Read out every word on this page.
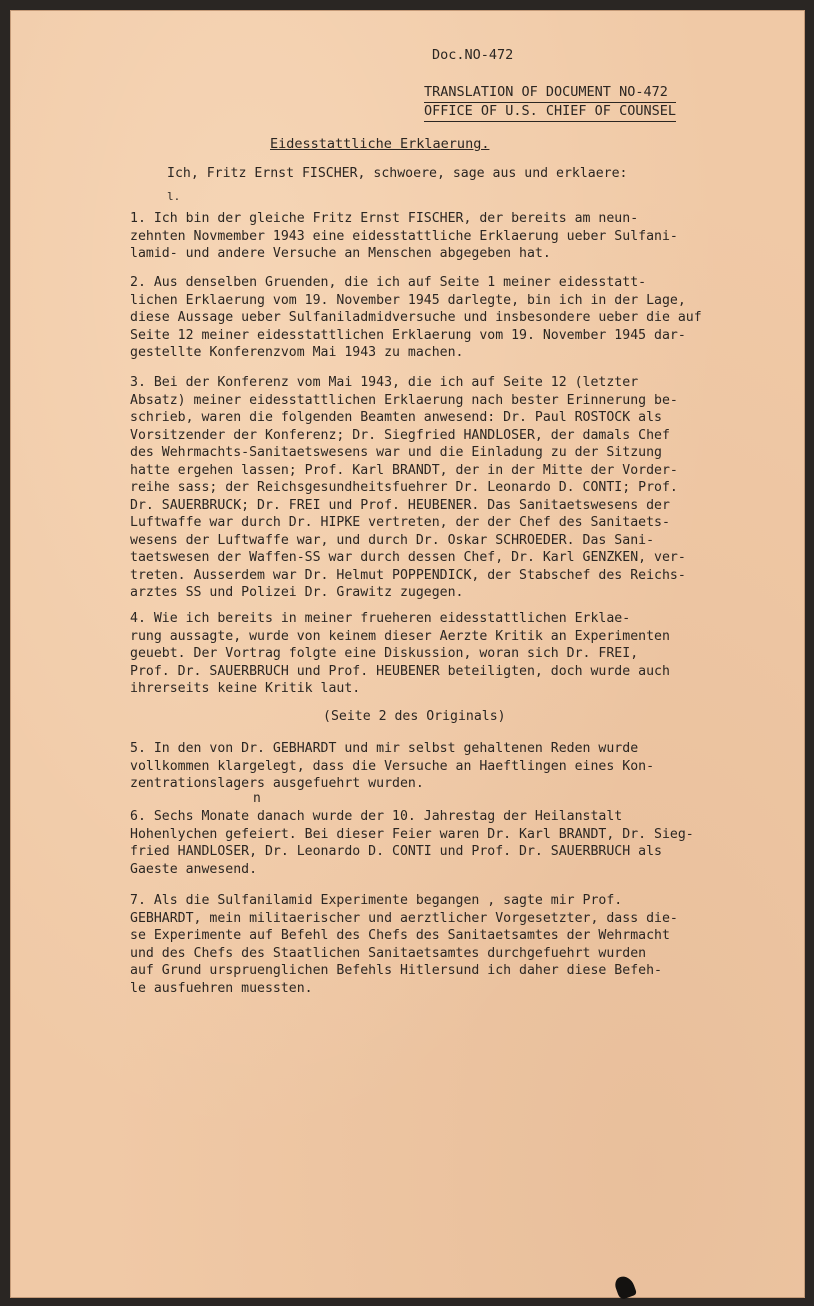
Doc.NO-472
TRANSLATION OF DOCUMENT NO-472
OFFICE OF U.S. CHIEF OF COUNSEL
Eidesstattliche Erklaerung.
Ich, Fritz Ernst FISCHER, schwoere, sage aus und erklaere:
l.
1. Ich bin der gleiche Fritz Ernst FISCHER, der bereits am neun-
zehnten Novmember 1943 eine eidesstattliche Erklaerung ueber Sulfani-
lamid- und andere Versuche an Menschen abgegeben hat.
2. Aus denselben Gruenden, die ich auf Seite 1 meiner eidesstatt-
lichen Erklaerung vom 19. November 1945 darlegte, bin ich in der Lage,
diese Aussage ueber Sulfaniladmidversuche und insbesondere ueber die auf
Seite 12 meiner eidesstattlichen Erklaerung vom 19. November 1945 dar-
gestellte Konferenzvom Mai 1943 zu machen.
3. Bei der Konferenz vom Mai 1943, die ich auf Seite 12 (letzter
Absatz) meiner eidesstattlichen Erklaerung nach bester Erinnerung be-
schrieb, waren die folgenden Beamten anwesend: Dr. Paul ROSTOCK als
Vorsitzender der Konferenz; Dr. Siegfried HANDLOSER, der damals Chef
des Wehrmachts-Sanitaetswesens war und die Einladung zu der Sitzung
hatte ergehen lassen; Prof. Karl BRANDT, der in der Mitte der Vorder-
reihe sass; der Reichsgesundheitsfuehrer Dr. Leonardo D. CONTI; Prof.
Dr. SAUERBRUCK; Dr. FREI und Prof. HEUBENER. Das Sanitaetswesens der
Luftwaffe war durch Dr. HIPKE vertreten, der der Chef des Sanitaets-
wesens der Luftwaffe war, und durch Dr. Oskar SCHROEDER. Das Sani-
taetswesen der Waffen-SS war durch dessen Chef, Dr. Karl GENZKEN, ver-
treten. Ausserdem war Dr. Helmut POPPENDICK, der Stabschef des Reichs-
arztes SS und Polizei Dr. Grawitz zugegen.
4. Wie ich bereits in meiner frueheren eidesstattlichen Erklae-
rung aussagte, wurde von keinem dieser Aerzte Kritik an Experimenten
geuebt. Der Vortrag folgte eine Diskussion, woran sich Dr. FREI,
Prof. Dr. SAUERBRUCH und Prof. HEUBENER beteiligten, doch wurde auch
ihrerseits keine Kritik laut.
(Seite 2 des Originals)
5. In den von Dr. GEBHARDT und mir selbst gehaltenen Reden wurde
vollkommen klargelegt, dass die Versuche an Haeftlingen eines Kon-
zentrationslagers ausgefuehrt wurden.
n
6. Sechs Monate danach wurde der 10. Jahrestag der Heilanstalt
Hohenlychen gefeiert. Bei dieser Feier waren Dr. Karl BRANDT, Dr. Sieg-
fried HANDLOSER, Dr. Leonardo D. CONTI und Prof. Dr. SAUERBRUCH als
Gaeste anwesend.
7. Als die Sulfanilamid Experimente begangen , sagte mir Prof.
GEBHARDT, mein militaerischer und aerztlicher Vorgesetzter, dass die-
se Experimente auf Befehl des Chefs des Sanitaetsamtes der Wehrmacht
und des Chefs des Staatlichen Sanitaetsamtes durchgefuehrt wurden
auf Grund urspruenglichen Befehls Hitlersund ich daher diese Befeh-
le ausfuehren muessten.
